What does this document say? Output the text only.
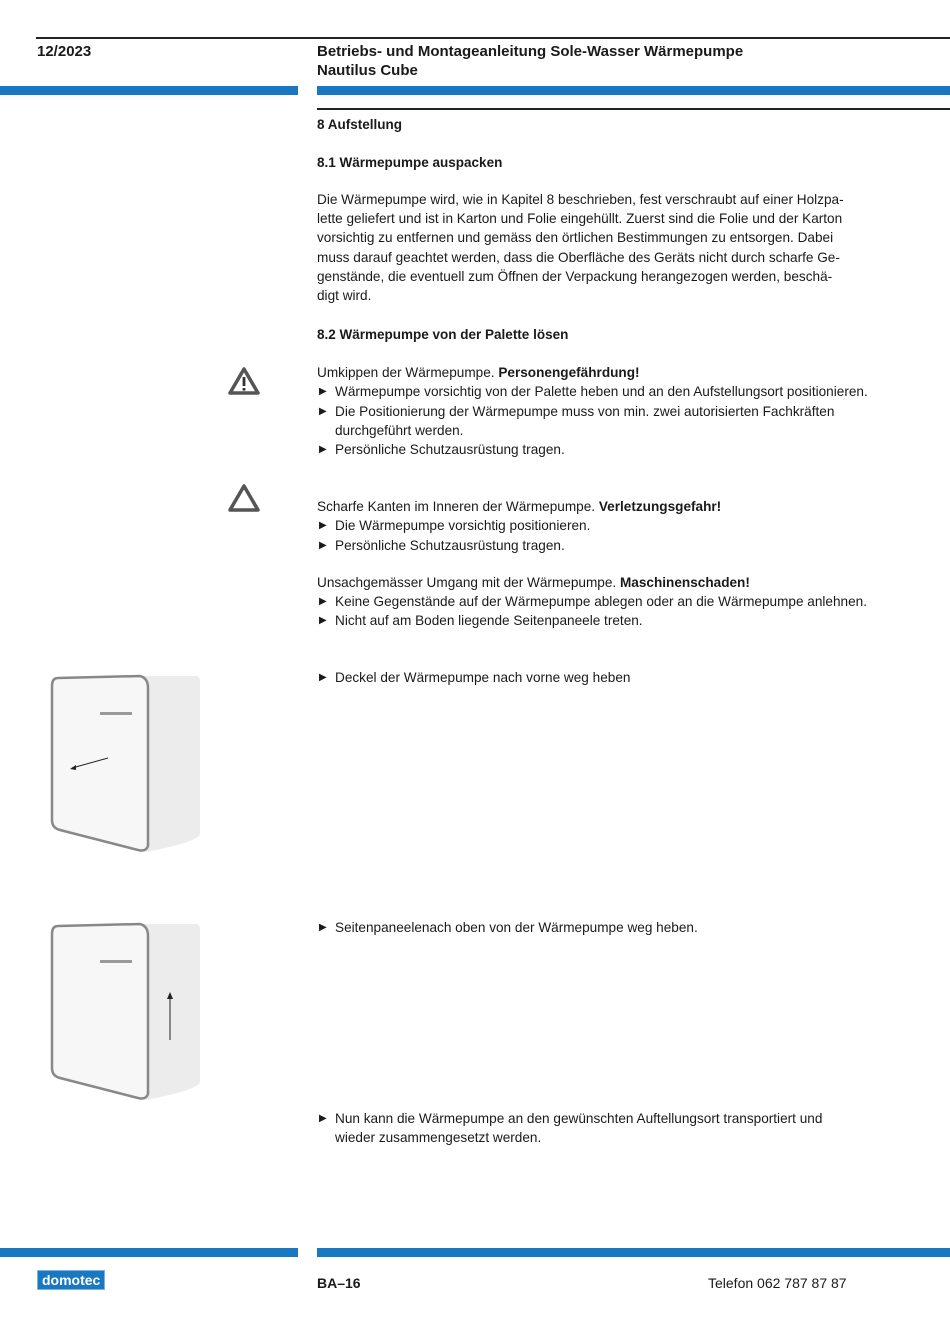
12/2023	Betriebs- und Montageanleitung Sole-Wasser Wärmepumpe
Nautilus Cube
8 Aufstellung
8.1 Wärmepumpe auspacken
Die Wärmepumpe wird, wie in Kapitel 8 beschrieben, fest verschraubt auf einer Holzpa-
lette geliefert und ist in Karton und Folie eingehüllt. Zuerst sind die Folie und der Karton
vorsichtig zu entfernen und gemäss den örtlichen Bestimmungen zu entsorgen. Dabei
muss darauf geachtet werden, dass die Oberfläche des Geräts nicht durch scharfe Ge-
genstände, die eventuell zum Öffnen der Verpackung herangezogen werden, beschä-
digt wird.
8.2 Wärmepumpe von der Palette lösen
Umkippen der Wärmepumpe. Personengefährdung!
▶ Wärmepumpe vorsichtig von der Palette heben und an den Aufstellungsort positionieren.
▶ Die Positionierung der Wärmepumpe muss von min. zwei autorisierten Fachkräften durchgeführt werden.
▶ Persönliche Schutzausrüstung tragen.
Scharfe Kanten im Inneren der Wärmepumpe. Verletzungsgefahr!
▶ Die Wärmepumpe vorsichtig positionieren.
▶ Persönliche Schutzausrüstung tragen.
Unsachgemässer Umgang mit der Wärmepumpe. Maschinenschaden!
▶ Keine Gegenstände auf der Wärmepumpe ablegen oder an die Wärmepumpe anlehnen.
▶ Nicht auf am Boden liegende Seitenpaneele treten.
▶ Deckel der Wärmepumpe nach vorne weg heben
▶ Seitenpaneelenach oben von der Wärmepumpe weg heben.
▶ Nun kann die Wärmepumpe an den gewünschten Auftellungsort transportiert und wieder zusammengesetzt werden.
domotec	BA–16	Telefon 062 787 87 87
